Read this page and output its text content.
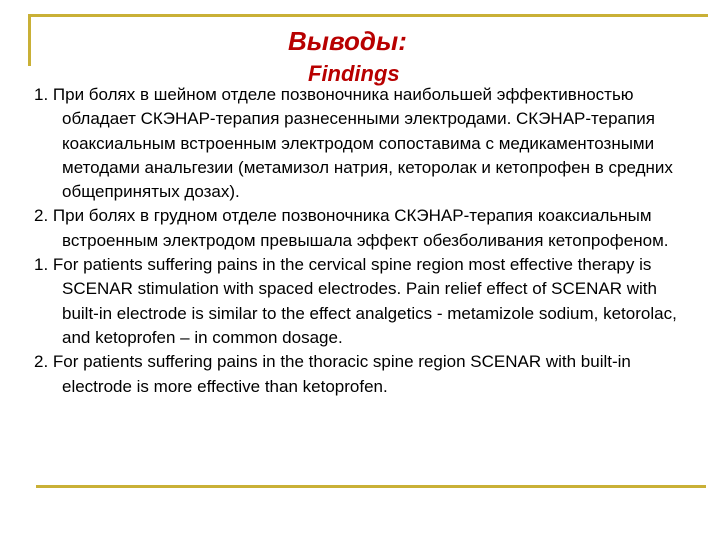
Выводы:
Findings

1. При болях в шейном отделе позвоночника наибольшей эффективностью обладает СКЭНАР-терапия разнесенными электродами. СКЭНАР-терапия коаксиальным встроенным электродом сопоставима с медикаментозными методами анальгезии (метамизол натрия, кеторолак и кетопрофен в средних общепринятых дозах).

2. При болях в грудном отделе позвоночника СКЭНАР-терапия коаксиальным встроенным электродом превышала эффект обезболивания кетопрофеном.

1. For patients suffering pains in the cervical spine region most effective therapy is SCENAR stimulation with spaced electrodes. Pain relief effect of SCENAR with built-in electrode is similar to the effect analgetics - metamizole sodium, ketorolac, and ketoprofen – in common dosage.

2. For patients suffering pains in the thoracic spine region SCENAR with built-in electrode is more effective than ketoprofen.
